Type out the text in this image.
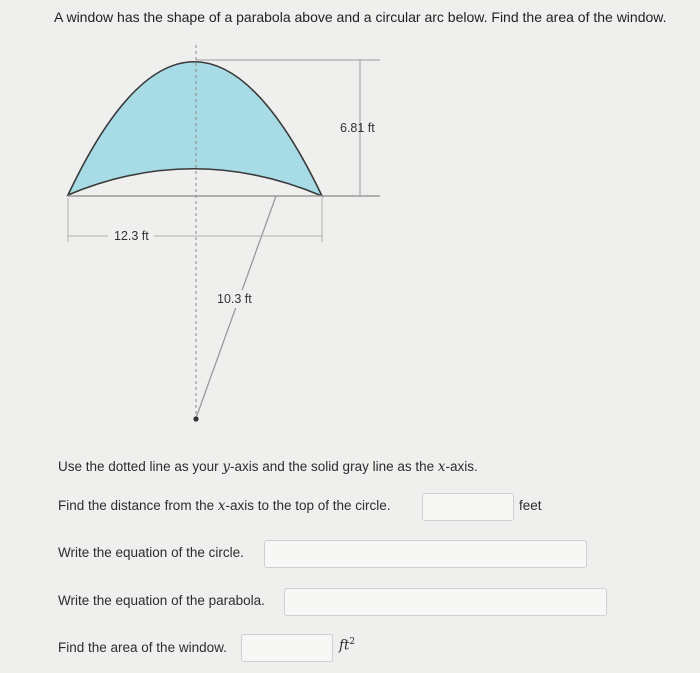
A window has the shape of a parabola above and a circular arc below. Find the area of the window.
6.81 ft
12.3 ft
10.3 ft
Use the dotted line as your y-axis and the solid gray line as the x-axis.
Find the distance from the x-axis to the top of the circle.	feet
Write the equation of the circle.
Write the equation of the parabola.
Find the area of the window.	$ft^2$
